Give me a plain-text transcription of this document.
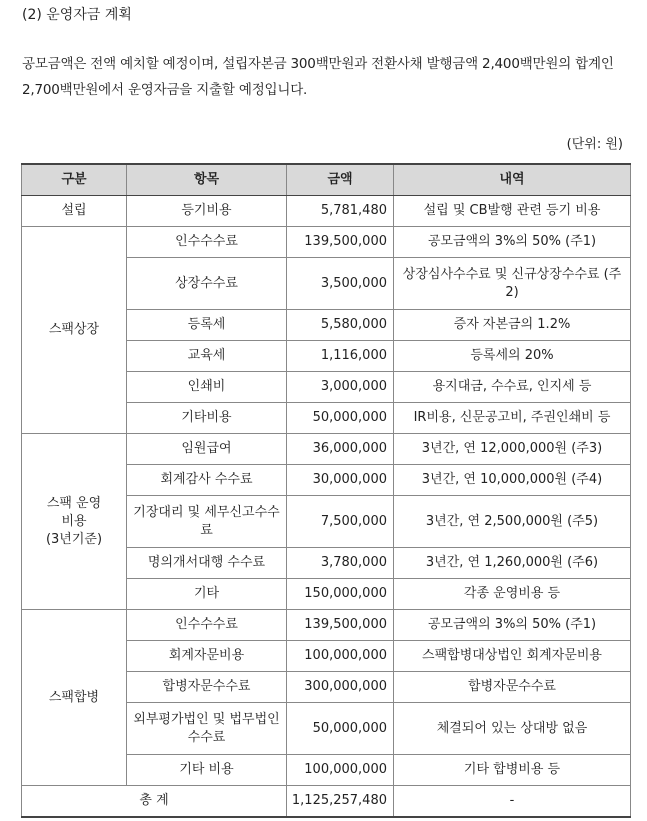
(2) 운영자금 계획

공모금액은 전액 예치할 예정이며, 설립자본금 300백만원과 전환사채 발행금액 2,400백만원의 합계인 2,700백만원에서 운영자금을 지출할 예정입니다.

(단위: 원)

구분	항목	금액	내역
설립	등기비용	5,781,480	설립 및 CB발행 관련 등기 비용
스팩상장	인수수수료	139,500,000	공모금액의 3%의 50% (주1)
	상장수수료	3,500,000	상장심사수수료 및 신규상장수수료 (주2)
	등록세	5,580,000	증자 자본금의 1.2%
	교육세	1,116,000	등록세의 20%
	인쇄비	3,000,000	용지대금, 수수료, 인지세 등
	기타비용	50,000,000	IR비용, 신문공고비, 주권인쇄비 등
스팩 운영
비용
(3년기준)	임원급여	36,000,000	3년간, 연 12,000,000원 (주3)
	회계감사 수수료	30,000,000	3년간, 연 10,000,000원 (주4)
	기장대리 및 세무신고수수료	7,500,000	3년간, 연 2,500,000원 (주5)
	명의개서대행 수수료	3,780,000	3년간, 연 1,260,000원 (주6)
	기타	150,000,000	각종 운영비용 등
스팩합병	인수수수료	139,500,000	공모금액의 3%의 50% (주1)
	회계자문비용	100,000,000	스팩합병대상법인 회계자문비용
	합병자문수수료	300,000,000	합병자문수수료
	외부평가법인 및 법무법인수수료	50,000,000	체결되어 있는 상대방 없음
	기타 비용	100,000,000	기타 합병비용 등
총 계		1,125,257,480	-
